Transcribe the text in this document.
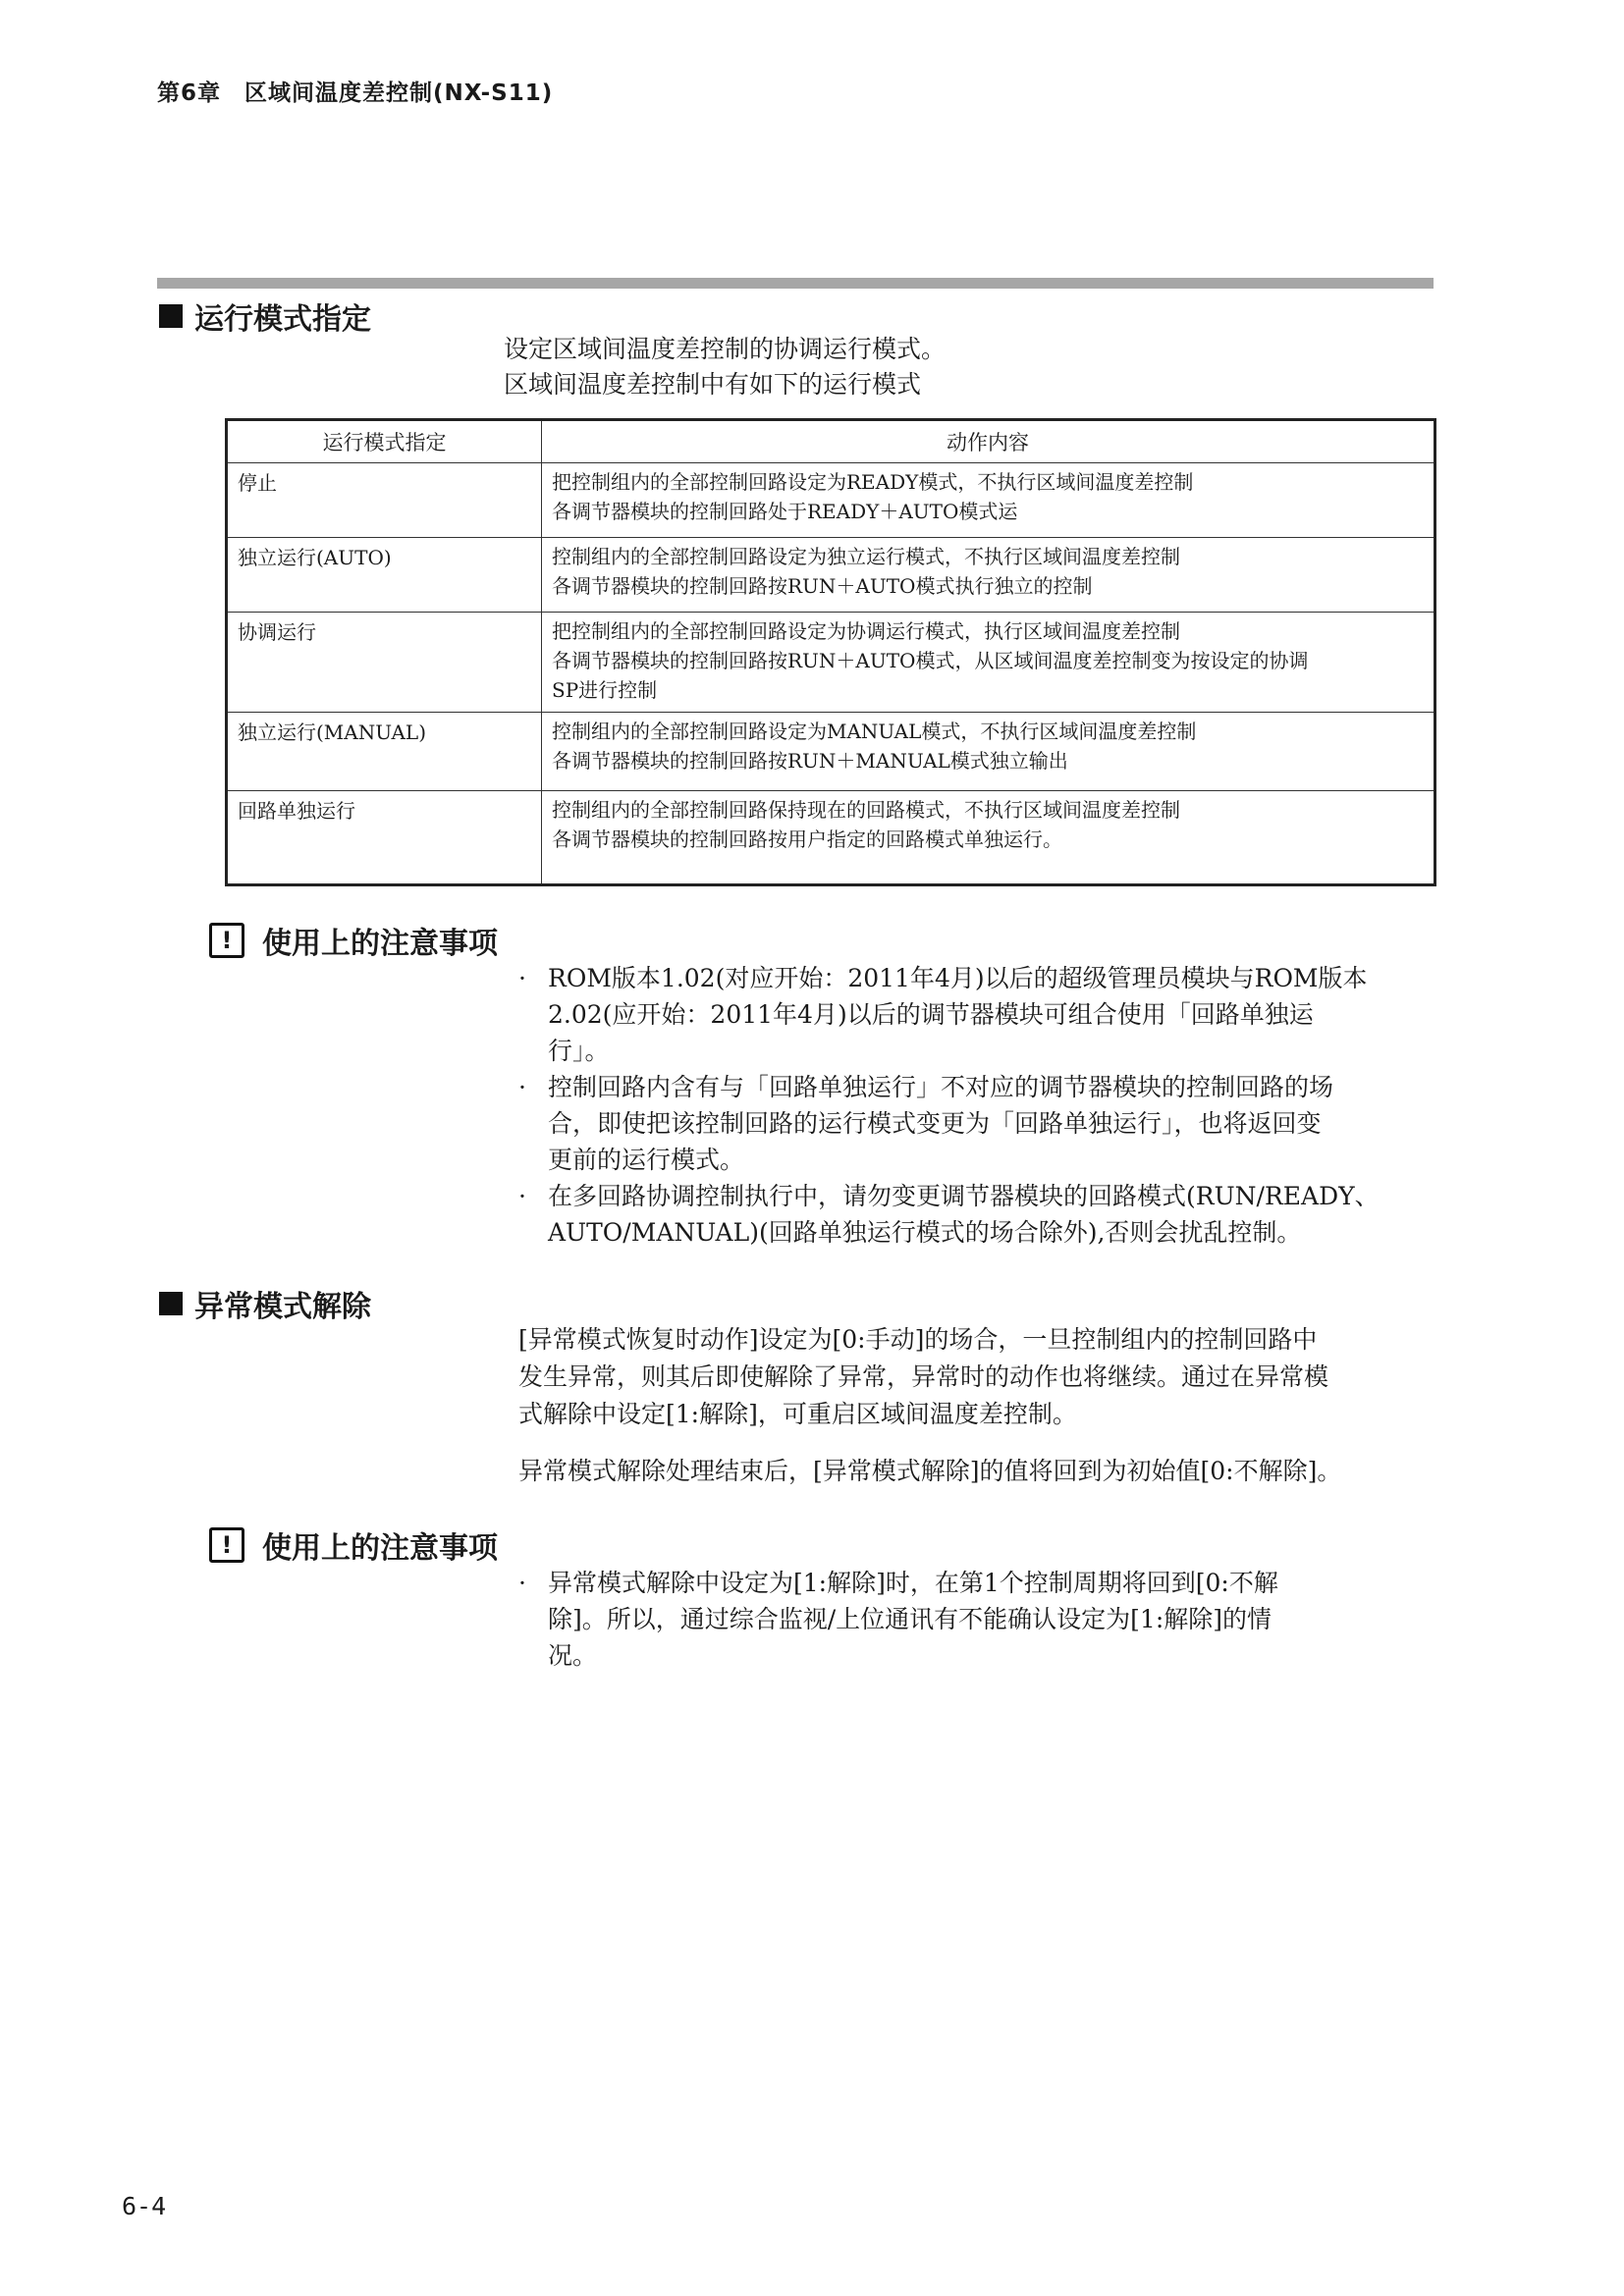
第6章　区域间温度差控制(NX-S11)
运行模式指定
设定区域间温度差控制的协调运行模式。
区域间温度差控制中有如下的运行模式
运行模式指定	动作内容
停止	把控制组内的全部控制回路设定为READY模式，不执行区域间温度差控制
各调节器模块的控制回路处于READY＋AUTO模式运

独立运行(AUTO)	控制组内的全部控制回路设定为独立运行模式，不执行区域间温度差控制
各调节器模块的控制回路按RUN＋AUTO模式执行独立的控制

协调运行	把控制组内的全部控制回路设定为协调运行模式，执行区域间温度差控制
各调节器模块的控制回路按RUN＋AUTO模式，从区域间温度差控制变为按设定的协调
SP进行控制

独立运行(MANUAL)	控制组内的全部控制回路设定为MANUAL模式，不执行区域间温度差控制
各调节器模块的控制回路按RUN＋MANUAL模式独立输出

回路单独运行	控制组内的全部控制回路保持现在的回路模式，不执行区域间温度差控制
各调节器模块的控制回路按用户指定的回路模式单独运行。
!	使用上的注意事项
· ROM版本1.02(对应开始：2011年4月)以后的超级管理员模块与ROM版本
2.02(应开始：2011年4月)以后的调节器模块可组合使用「回路单独运
行」。
· 控制回路内含有与「回路单独运行」不对应的调节器模块的控制回路的场
合，即使把该控制回路的运行模式变更为「回路单独运行」，也将返回变
更前的运行模式。
· 在多回路协调控制执行中，请勿变更调节器模块的回路模式(RUN/READY、
AUTO/MANUAL)(回路单独运行模式的场合除外),否则会扰乱控制。
异常模式解除
[异常模式恢复时动作]设定为[0:手动]的场合，一旦控制组内的控制回路中
发生异常，则其后即使解除了异常，异常时的动作也将继续。通过在异常模
式解除中设定[1:解除]，可重启区域间温度差控制。
异常模式解除处理结束后，[异常模式解除]的值将回到为初始值[0:不解除]。
!	使用上的注意事项
· 异常模式解除中设定为[1:解除]时，在第1个控制周期将回到[0:不解
除]。所以，通过综合监视/上位通讯有不能确认设定为[1:解除]的情
况。
6-4
